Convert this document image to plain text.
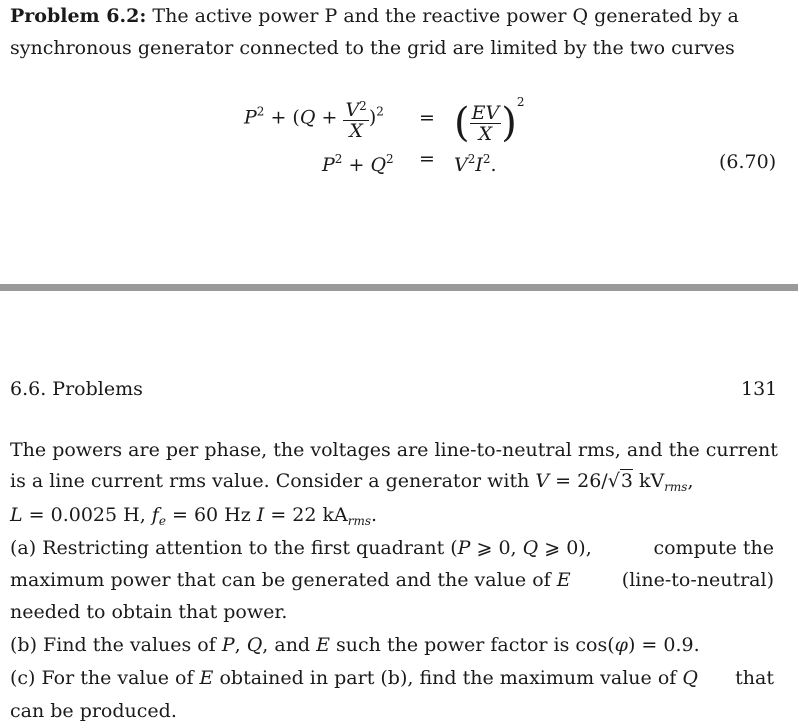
Problem 6.2: The active power P and the reactive power Q generated by a
synchronous generator connected to the grid are limited by the two curves
$P^2 + (Q + \frac{V^2}{X} )^2$ = ( $\frac{EV}{X} )^2$
$P^2 + Q^2 = V^2I^2$.	(6.70)
6.6. Problems	131
The powers are per phase, the voltages are line-to-neutral rms, and the current
is a line current rms value. Consider a generator with V = 26/√3 $kV_{rms}$,
L = 0.0025 H, $f_e = 60$ Hz I = 22 $kA_{rms}$.
(a) Restricting attention to the first quadrant (P ⩾ 0, Q ⩾ 0),	compute the
maximum power that can be generated and the value of E	(line-to-neutral)
needed to obtain that power.
(b) Find the values of P, Q, and E such the power factor is cos(φ) = 0.9.
(c) For the value of E obtained in part (b), find the maximum value of Q that
can be produced.
